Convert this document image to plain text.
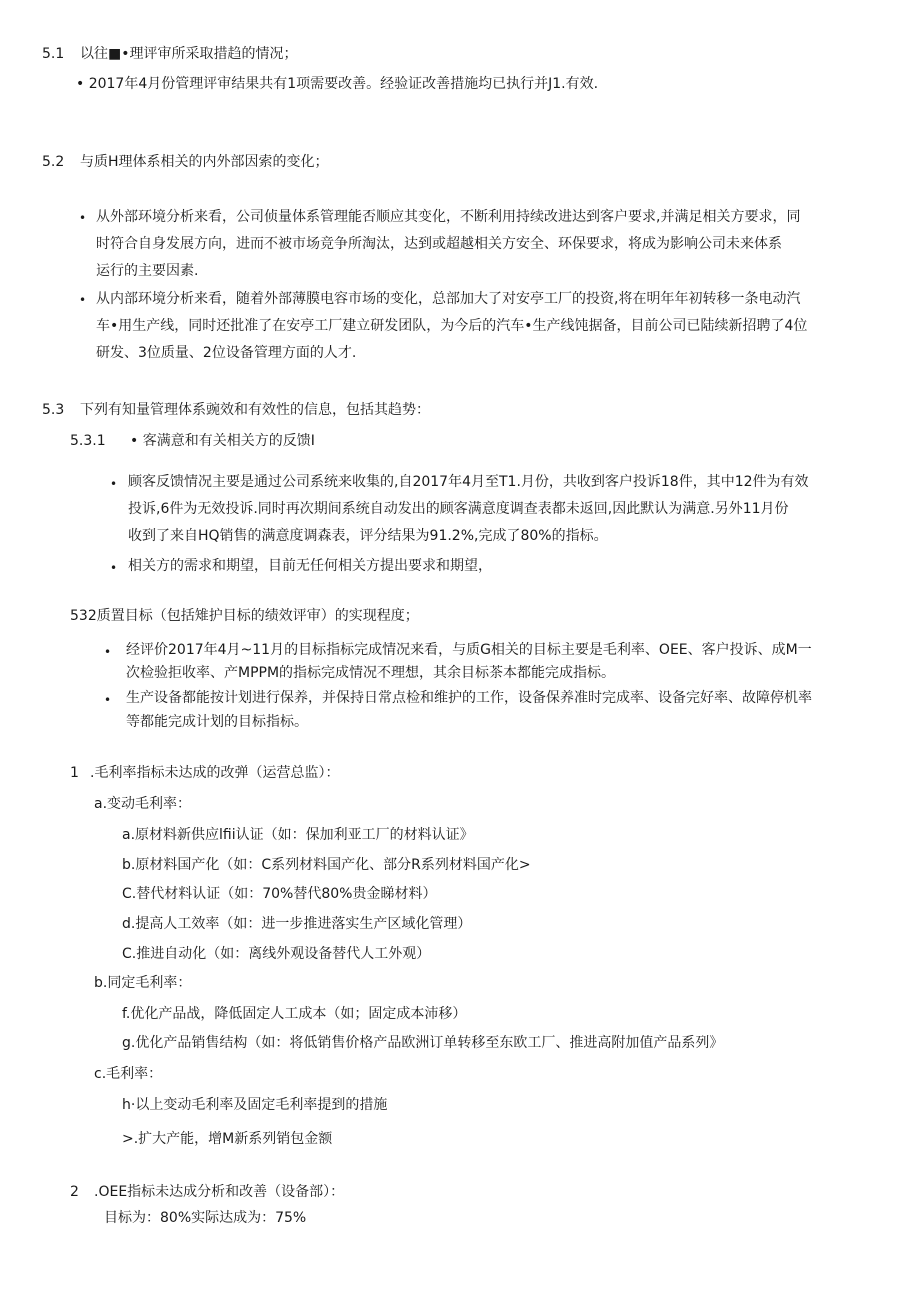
5.1 以往■•理评审所采取措趋的情况；
• 2017年4月份管理评审结果共有1项需要改善。经验证改善措施均已执行并J1.有效.
5.2 与质H理体系相关的内外部因索的变化；
• 从外部环境分析来看，公司侦量体系管理能否顺应其变化，不断利用持续改进达到客户要求,并满足相关方要求，同
时符合自身发展方向，进而不被市场竞争所淘汰，达到或超越相关方安全、环保要求，将成为影响公司未来体系
运行的主要因素.
• 从内部环境分析来看，随着外部薄膜电容市场的变化，总部加大了对安亭工厂的投资,将在明年年初转移一条电动汽
车•用生产线，同时还批准了在安亭工厂建立研发团队，为今后的汽车•生产线饨据备，目前公司已陆续新招聘了4位
研发、3位质量、2位设备管理方面的人才.
5.3 下列有知量管理体系豌效和有效性的信息，包括其趋势：
5.3.1 • 客满意和有关相关方的反馈I
• 顾客反馈情况主要是通过公司系统来收集的,自2017年4月至T1.月份，共收到客户投诉18件，其中12件为有效
投诉,6件为无效投诉.同时再次期间系统自动发出的顾客满意度调查表都未返回,因此默认为满意.另外11月份
收到了来自HQ销售的满意度调森表，评分结果为91.2%,完成了80%的指标。
• 相关方的需求和期望，目前无任何相关方提出要求和期望，
532质置目标（包括雉护目标的绩效评审）的实现程度；
• 经评价2017年4月~11月的目标指标完成情况来看，与质G相关的目标主要是毛利率、OEE、客户投诉、成M一
次检验拒收率、产MPPM的指标完成情况不理想，其余目标茶本都能完成指标。
• 生产设备都能按计划进行保养，并保持日常点检和维护的工作，设备保养准时完成率、设备完好率、故障停机率
等都能完成计划的目标指标。
1 .毛利率指标未达成的改弹（运营总监）：
a.变动毛利率：
a.原材料新供应lfii认证（如：保加利亚工厂的材料认证》
b.原材料国产化（如：C系列材料国产化、部分R系列材料国产化>
C.替代材料认证（如：70%替代80%贵金睇材料）
d.提高人工效率（如：进一步推进落实生产区域化管理）
C.推进自动化（如：离线外观设备替代人工外观）
b.同定毛利率：
f.优化产品战，降低固定人工成本（如；固定成本沛移）
g.优化产品销售结构（如：将低销售价格产品欧洲订单转移至东欧工厂、推进高附加值产品系列》
c.毛利率：
h·以上变动毛利率及固定毛利率提到的措施
>.扩大产能，增M新系列销包金额
2 .OEE指标未达成分析和改善（设备部）：
目标为：80%实际达成为：75%
